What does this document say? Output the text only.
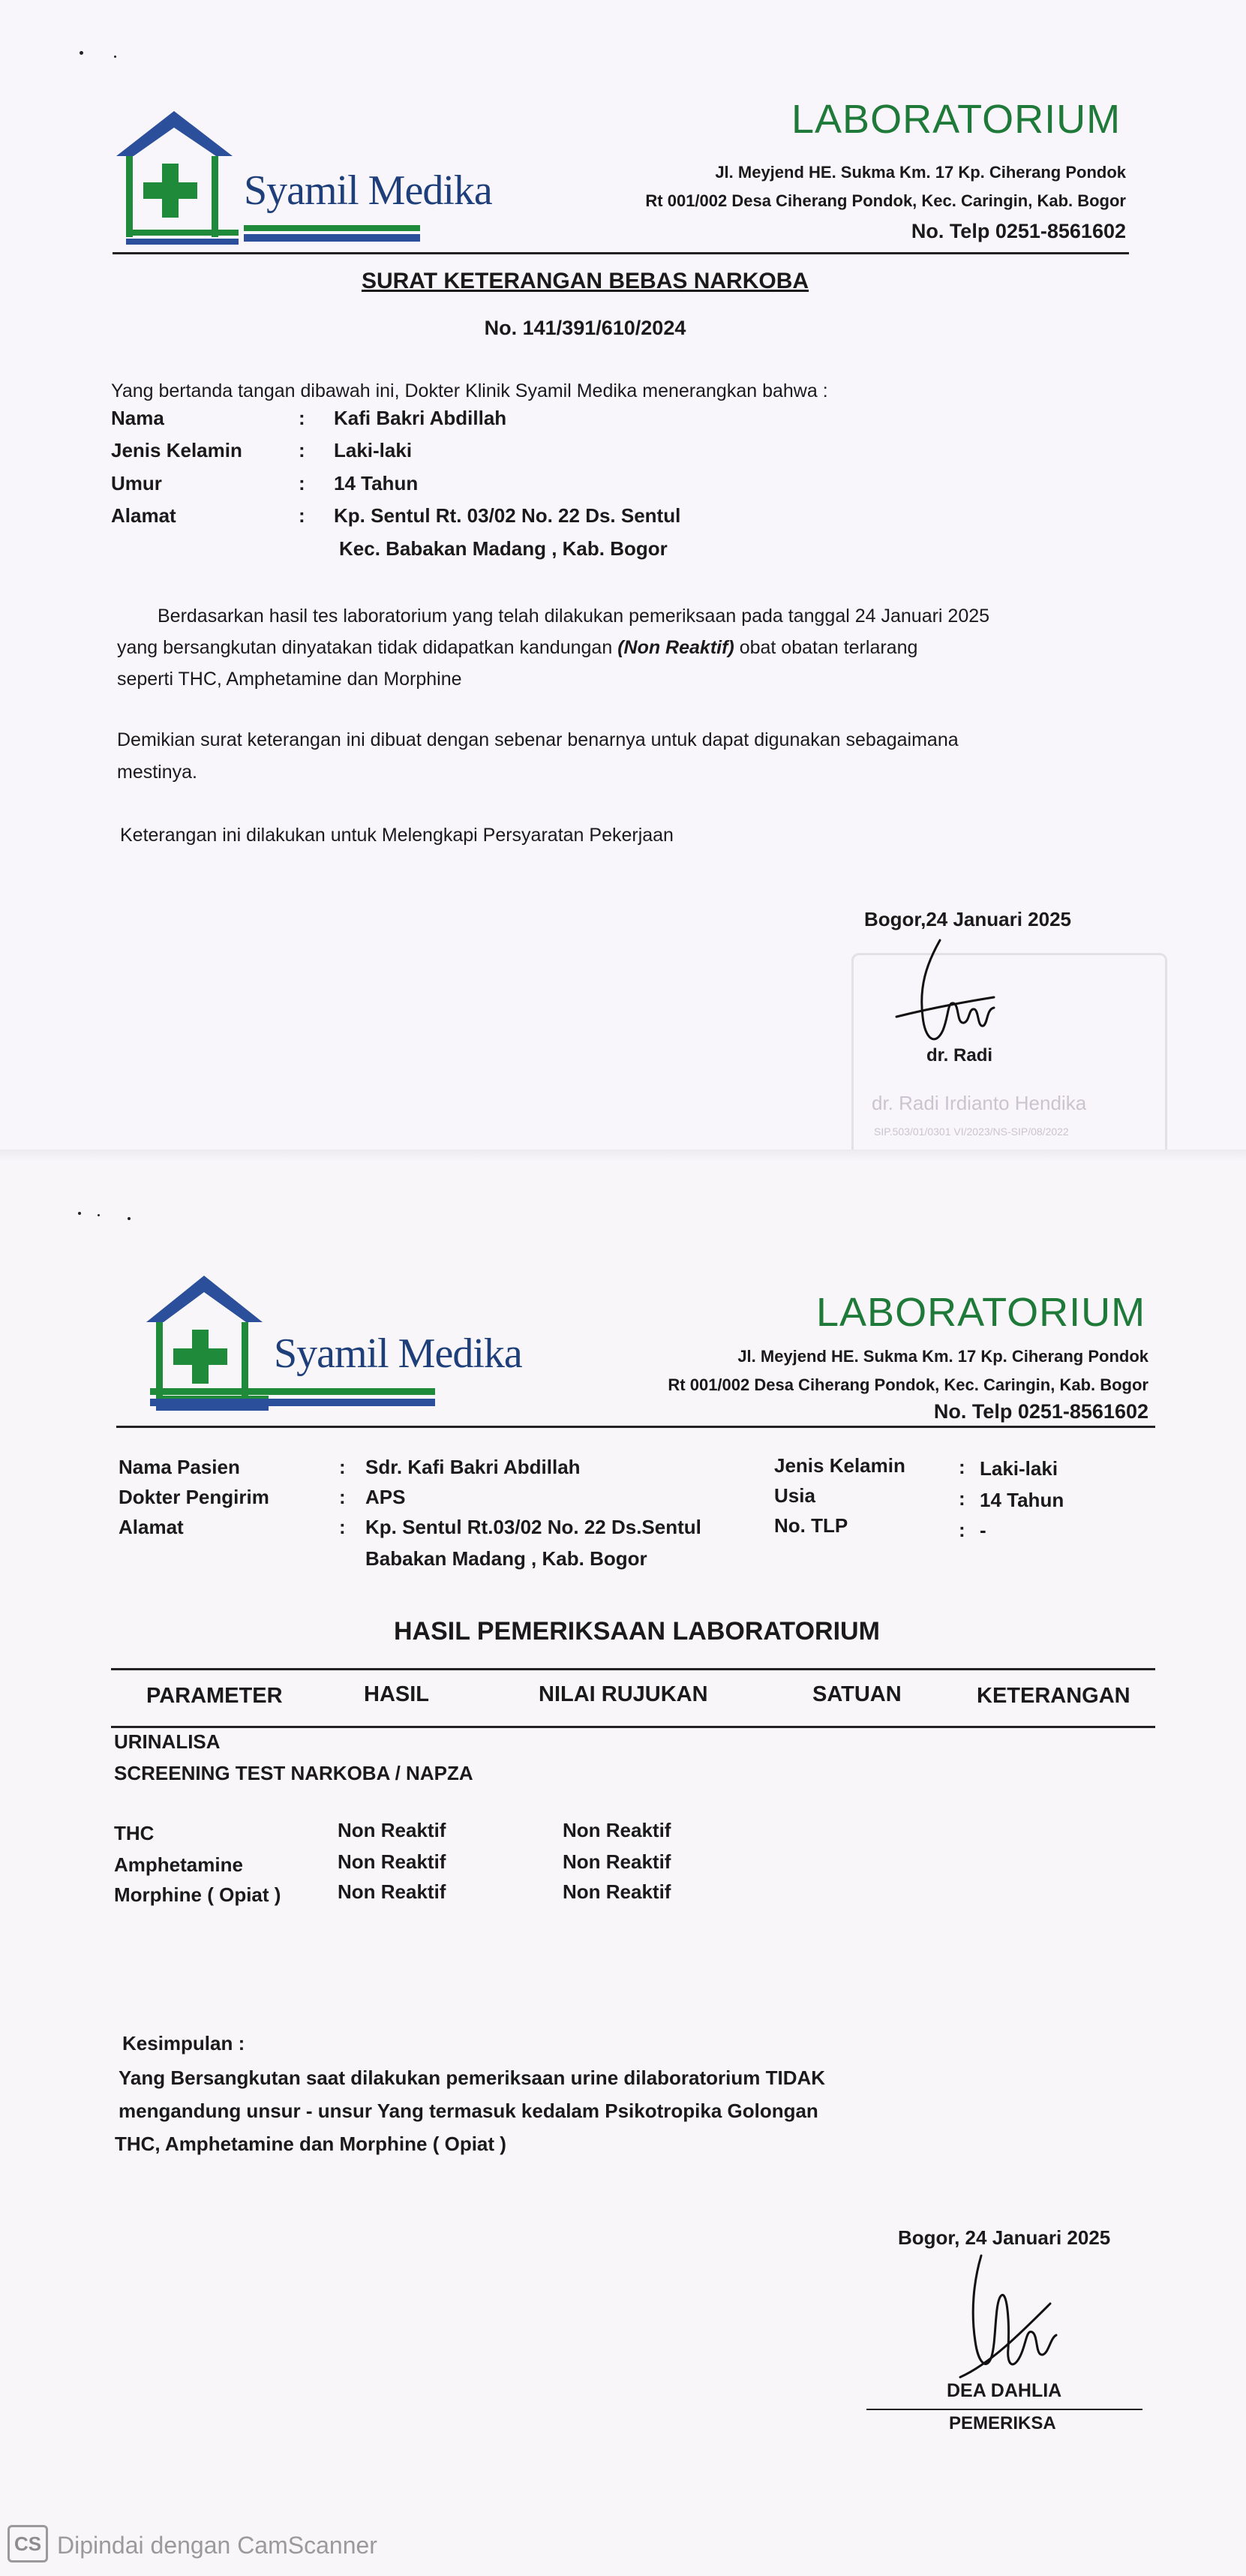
Syamil Medika
LABORATORIUM
Jl. Meyjend HE. Sukma Km. 17 Kp. Ciherang Pondok
Rt 001/002 Desa Ciherang Pondok, Kec. Caringin, Kab. Bogor
No. Telp 0251-8561602
SURAT KETERANGAN BEBAS NARKOBA
No. 141/391/610/2024
Yang bertanda tangan dibawah ini, Dokter Klinik Syamil Medika menerangkan bahwa :
Nama	: Kafi Bakri Abdillah
Jenis Kelamin	: Laki-laki
Umur	: 14 Tahun
Alamat	: Kp. Sentul Rt. 03/02 No. 22 Ds. Sentul
Kec. Babakan Madang , Kab. Bogor
Berdasarkan hasil tes laboratorium yang telah dilakukan pemeriksaan pada tanggal 24 Januari 2025
yang bersangkutan dinyatakan tidak didapatkan kandungan (Non Reaktif) obat obatan terlarang
seperti THC, Amphetamine dan Morphine
Demikian surat keterangan ini dibuat dengan sebenar benarnya untuk dapat digunakan sebagaimana
mestinya.
Keterangan ini dilakukan untuk Melengkapi Persyaratan Pekerjaan
Bogor,24 Januari 2025
dr. Radi Irdianto Hendika
SIP.503/01/0301 VI/2023/NS-SIP/08/2022
dr. Radi
Syamil Medika
LABORATORIUM
Jl. Meyjend HE. Sukma Km. 17 Kp. Ciherang Pondok
Rt 001/002 Desa Ciherang Pondok, Kec. Caringin, Kab. Bogor
No. Telp 0251-8561602
Nama Pasien	: Sdr. Kafi Bakri Abdillah
Dokter Pengirim	: APS
Alamat	: Kp. Sentul Rt.03/02 No. 22 Ds.Sentul
Babakan Madang , Kab. Bogor
Jenis Kelamin	: Laki-laki
Usia	: 14 Tahun
No. TLP	: -
HASIL PEMERIKSAAN LABORATORIUM
PARAMETER	HASIL	NILAI RUJUKAN	SATUAN	KETERANGAN
URINALISA
SCREENING TEST NARKOBA / NAPZA
THC	Non Reaktif	Non Reaktif
Amphetamine	Non Reaktif	Non Reaktif
Morphine ( Opiat )	Non Reaktif	Non Reaktif
Kesimpulan :
Yang Bersangkutan saat dilakukan pemeriksaan urine dilaboratorium TIDAK
mengandung unsur - unsur Yang termasuk kedalam Psikotropika Golongan
THC, Amphetamine dan Morphine ( Opiat )
Bogor, 24 Januari 2025
DEA DAHLIA
PEMERIKSA
CS Dipindai dengan CamScanner
